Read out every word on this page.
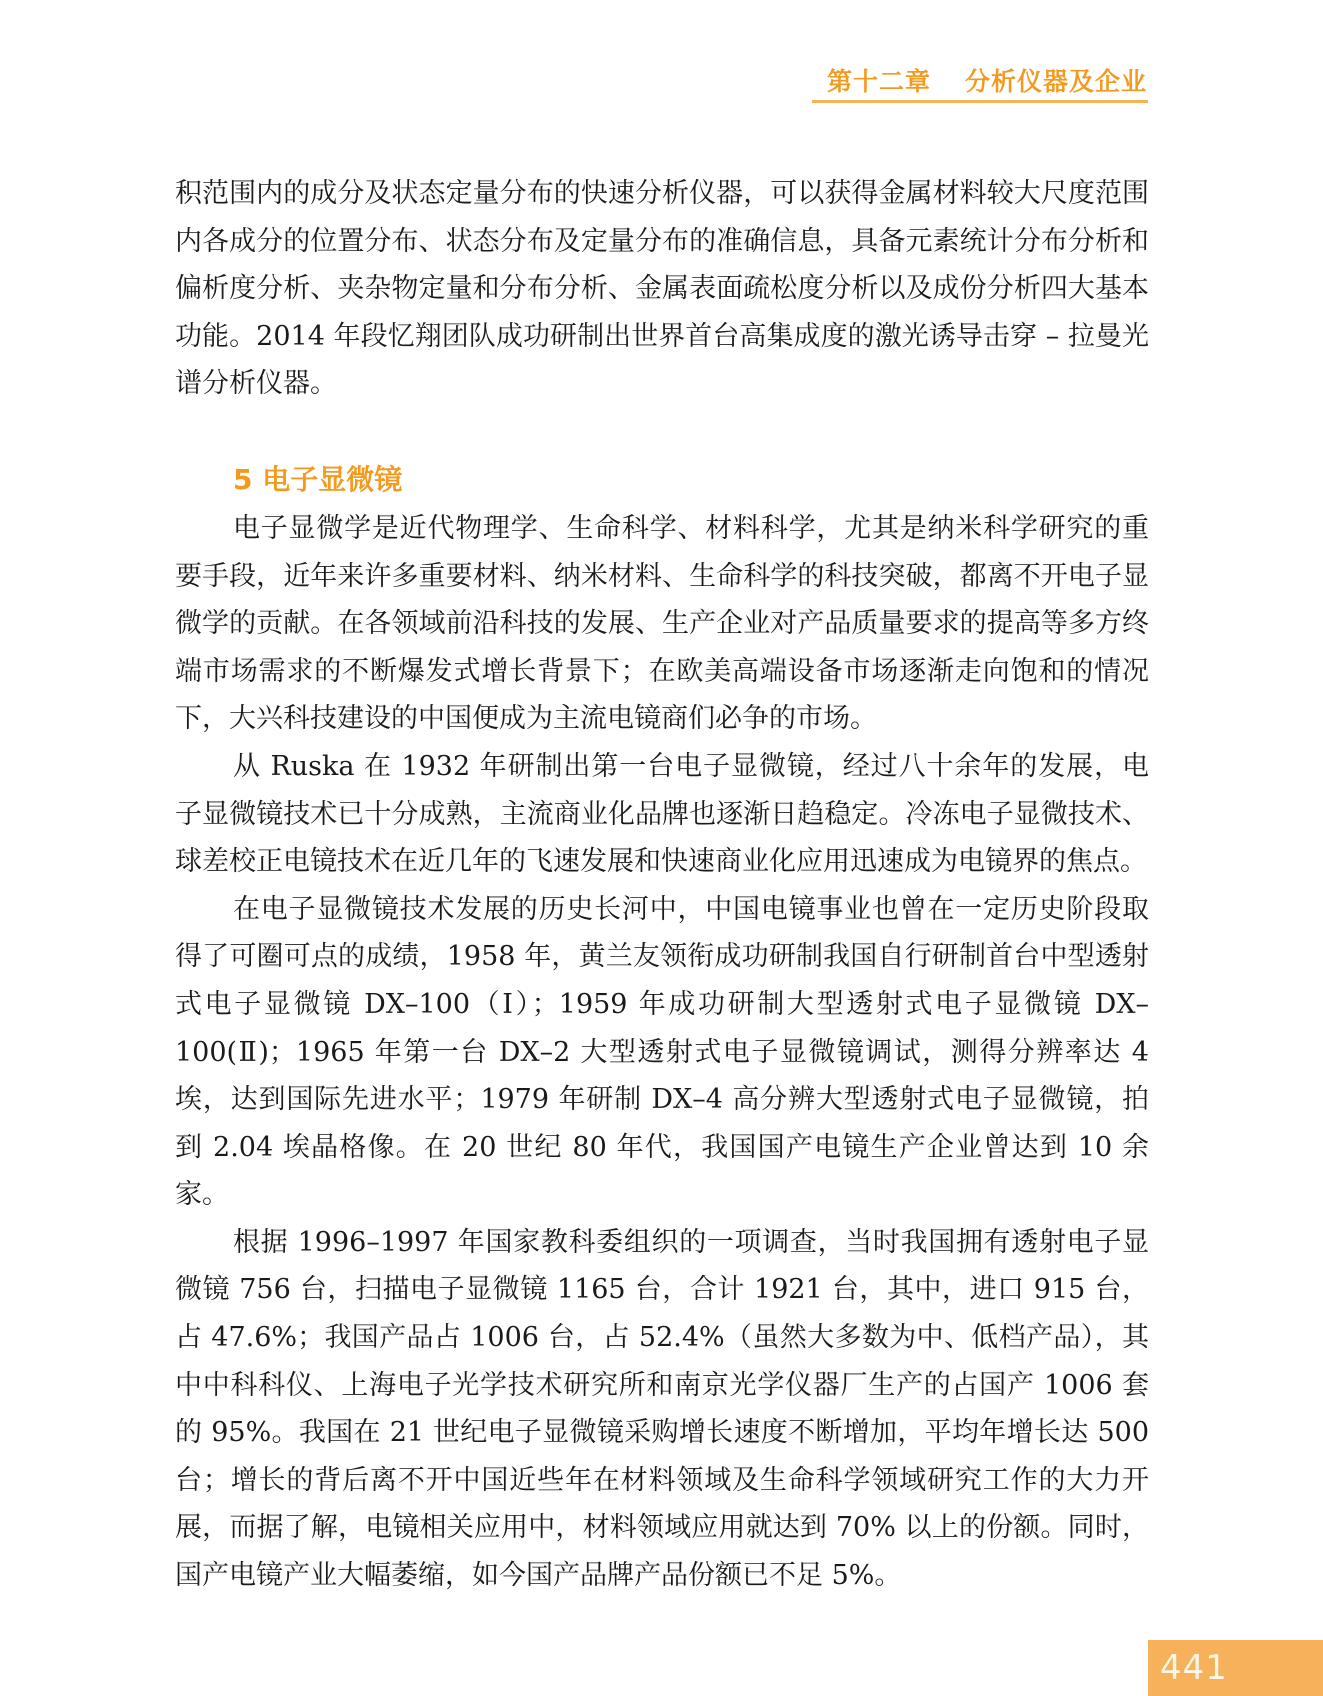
第十二章 分析仪器及企业

积范围内的成分及状态定量分布的快速分析仪器，可以获得金属材料较大尺度范围内各成分的位置分布、状态分布及定量分布的准确信息，具备元素统计分布分析和偏析度分析、夹杂物定量和分布分析、金属表面疏松度分析以及成份分析四大基本功能。2014 年段忆翔团队成功研制出世界首台高集成度的激光诱导击穿 – 拉曼光谱分析仪器。

5 电子显微镜

电子显微学是近代物理学、生命科学、材料科学，尤其是纳米科学研究的重要手段，近年来许多重要材料、纳米材料、生命科学的科技突破，都离不开电子显微学的贡献。在各领域前沿科技的发展、生产企业对产品质量要求的提高等多方终端市场需求的不断爆发式增长背景下；在欧美高端设备市场逐渐走向饱和的情况下，大兴科技建设的中国便成为主流电镜商们必争的市场。

从 Ruska 在 1932 年研制出第一台电子显微镜，经过八十余年的发展，电子显微镜技术已十分成熟，主流商业化品牌也逐渐日趋稳定。冷冻电子显微技术、球差校正电镜技术在近几年的飞速发展和快速商业化应用迅速成为电镜界的焦点。

在电子显微镜技术发展的历史长河中，中国电镜事业也曾在一定历史阶段取得了可圈可点的成绩，1958 年，黄兰友领衔成功研制我国自行研制首台中型透射式电子显微镜 DX–100（Ⅰ）；1959 年成功研制大型透射式电子显微镜 DX–100(Ⅱ)；1965 年第一台 DX–2 大型透射式电子显微镜调试，测得分辨率达 4 埃，达到国际先进水平；1979 年研制 DX–4 高分辨大型透射式电子显微镜，拍到 2.04 埃晶格像。在 20 世纪 80 年代，我国国产电镜生产企业曾达到 10 余家。

根据 1996–1997 年国家教科委组织的一项调查，当时我国拥有透射电子显微镜 756 台，扫描电子显微镜 1165 台，合计 1921 台，其中，进口 915 台，占 47.6%；我国产品占 1006 台，占 52.4%（虽然大多数为中、低档产品），其中中科科仪、上海电子光学技术研究所和南京光学仪器厂生产的占国产 1006 套的 95%。我国在 21 世纪电子显微镜采购增长速度不断增加，平均年增长达 500 台；增长的背后离不开中国近些年在材料领域及生命科学领域研究工作的大力开展，而据了解，电镜相关应用中，材料领域应用就达到 70% 以上的份额。同时，国产电镜产业大幅萎缩，如今国产品牌产品份额已不足 5%。

441
